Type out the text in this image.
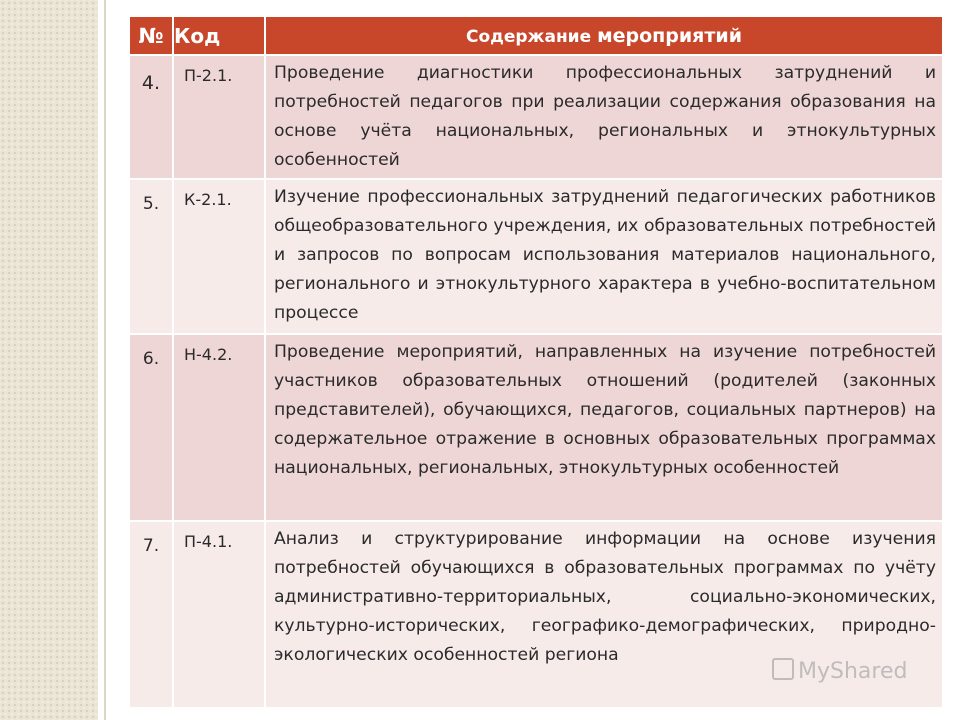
№	Код	Содержание мероприятий
4.	П-2.1.	Проведение диагностики профессиональных затруднений и потребностей педагогов при реализации содержания образования на основе учёта национальных, региональных и этнокультурных особенностей
5.	К-2.1.	Изучение профессиональных затруднений педагогических работников общеобразовательного учреждения, их образовательных потребностей и запросов по вопросам использования материалов национального, регионального и этнокультурного характера в учебно-воспитательном процессе
6.	Н-4.2.	Проведение мероприятий, направленных на изучение потребностей участников образовательных отношений (родителей (законных представителей), обучающихся, педагогов, социальных партнеров) на содержательное отражение в основных образовательных программах национальных, региональных, этнокультурных особенностей
7.	П-4.1.	Анализ и структурирование информации на основе изучения потребностей обучающихся в образовательных программах по учёту административно-территориальных, социально-экономических, культурно-исторических, географико-демографических, природно-экологических особенностей региона
MyShared
